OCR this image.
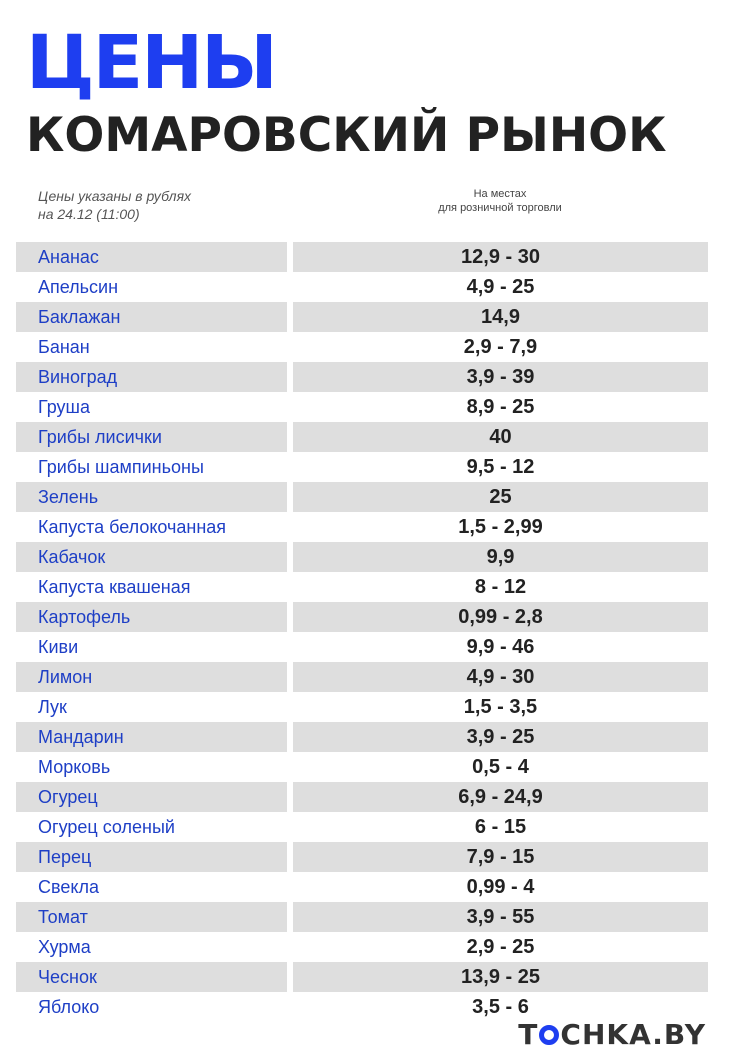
ЦЕНЫ
КОМАРОВСКИЙ РЫНОК
Цены указаны в рублях
на 24.12 (11:00)
На местах
для розничной торговли
Ананас	12,9 - 30
Апельсин	4,9 - 25
Баклажан	14,9
Банан	2,9 - 7,9
Виноград	3,9 - 39
Груша	8,9 - 25
Грибы лисички	40
Грибы шампиньоны	9,5 - 12
Зелень	25
Капуста белокочанная	1,5 - 2,99
Кабачок	9,9
Капуста квашеная	8 - 12
Картофель	0,99 - 2,8
Киви	9,9 - 46
Лимон	4,9 - 30
Лук	1,5 - 3,5
Мандарин	3,9 - 25
Морковь	0,5 - 4
Огурец	6,9 - 24,9
Огурец соленый	6 - 15
Перец	7,9 - 15
Свекла	0,99 - 4
Томат	3,9 - 55
Хурма	2,9 - 25
Чеснок	13,9 - 25
Яблоко	3,5 - 6
T CHKA.BY
